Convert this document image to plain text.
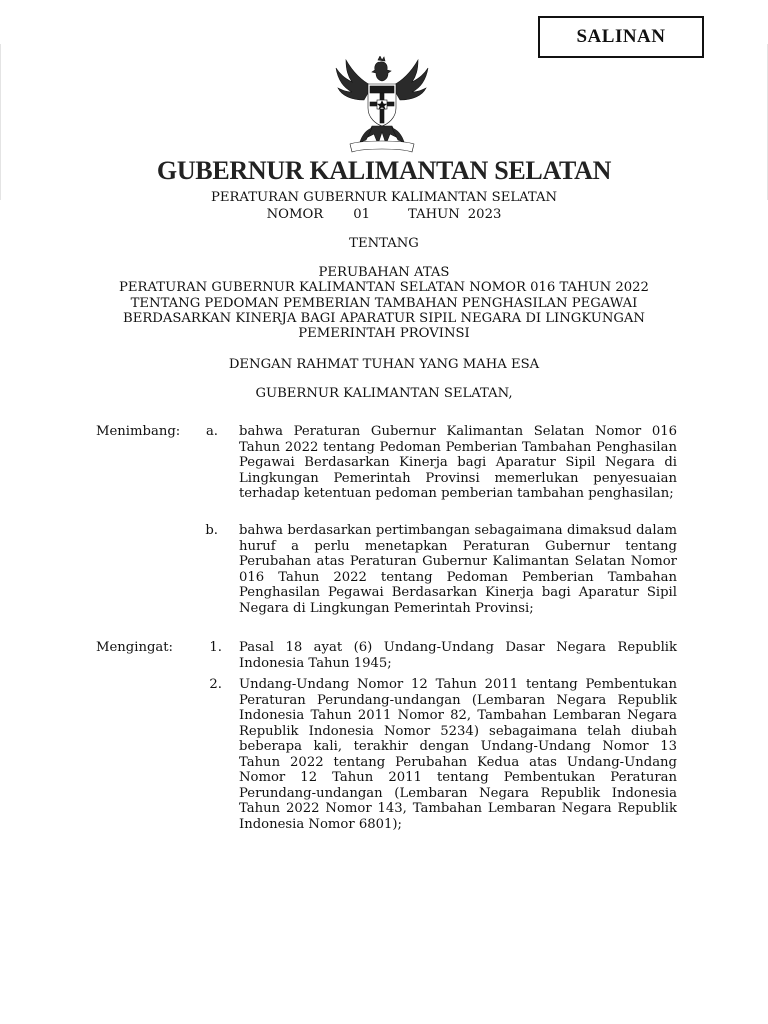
SALINAN
GUBERNUR KALIMANTAN SELATAN
PERATURAN GUBERNUR KALIMANTAN SELATAN
NOMOR 01	TAHUN 2023
TENTANG
PERUBAHAN ATAS
PERATURAN GUBERNUR KALIMANTAN SELATAN NOMOR 016 TAHUN 2022
TENTANG PEDOMAN PEMBERIAN TAMBAHAN PENGHASILAN PEGAWAI
BERDASARKAN KINERJA BAGI APARATUR SIPIL NEGARA DI LINGKUNGAN
PEMERINTAH PROVINSI
DENGAN RAHMAT TUHAN YANG MAHA ESA
GUBERNUR KALIMANTAN SELATAN,
Menimbang:	a. bahwa Peraturan Gubernur Kalimantan Selatan Nomor 016 Tahun 2022 tentang Pedoman Pemberian Tambahan Penghasilan Pegawai Berdasarkan Kinerja bagi Aparatur Sipil Negara di Lingkungan Pemerintah Provinsi memerlukan penyesuaian terhadap ketentuan pedoman pemberian tambahan penghasilan;
b. bahwa berdasarkan pertimbangan sebagaimana dimaksud dalam huruf a perlu menetapkan Peraturan Gubernur tentang Perubahan atas Peraturan Gubernur Kalimantan Selatan Nomor 016 Tahun 2022 tentang Pedoman Pemberian Tambahan Penghasilan Pegawai Berdasarkan Kinerja bagi Aparatur Sipil Negara di Lingkungan Pemerintah Provinsi;
Mengingat:	1. Pasal 18 ayat (6) Undang-Undang Dasar Negara Republik Indonesia Tahun 1945;
2. Undang-Undang Nomor 12 Tahun 2011 tentang Pembentukan Peraturan Perundang-undangan (Lembaran Negara Republik Indonesia Tahun 2011 Nomor 82, Tambahan Lembaran Negara Republik Indonesia Nomor 5234) sebagaimana telah diubah beberapa kali, terakhir dengan Undang-Undang Nomor 13 Tahun 2022 tentang Perubahan Kedua atas Undang-Undang Nomor 12 Tahun 2011 tentang Pembentukan Peraturan Perundang-undangan (Lembaran Negara Republik Indonesia Tahun 2022 Nomor 143, Tambahan Lembaran Negara Republik Indonesia Nomor 6801);
